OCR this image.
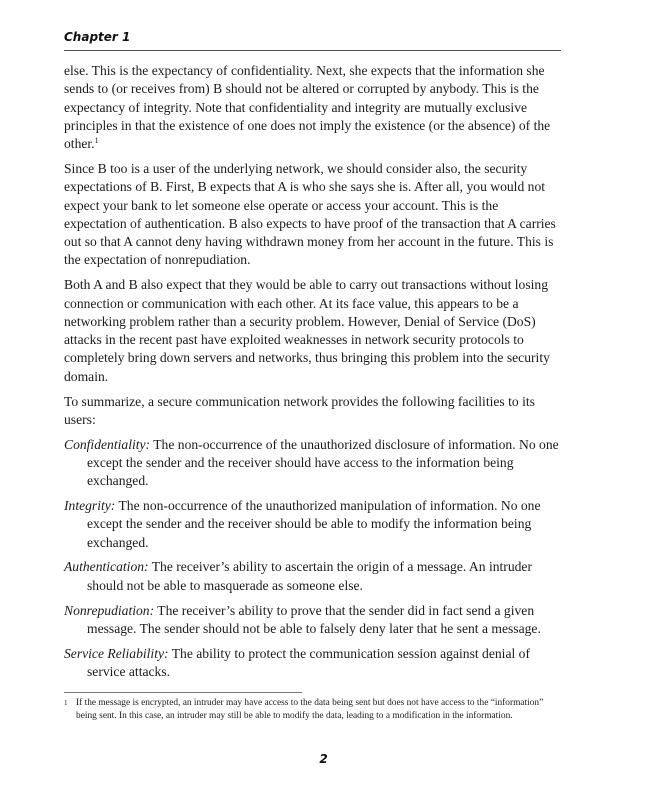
Chapter 1

else. This is the expectancy of confidentiality. Next, she expects that the information she sends to (or receives from) B should not be altered or corrupted by anybody. This is the expectancy of integrity. Note that confidentiality and integrity are mutually exclusive principles in that the existence of one does not imply the existence (or the absence) of the other.$^1$

Since B too is a user of the underlying network, we should consider also, the security expectations of B. First, B expects that A is who she says she is. After all, you would not expect your bank to let someone else operate or access your account. This is the expectation of authentication. B also expects to have proof of the transaction that A carries out so that A cannot deny having withdrawn money from her account in the future. This is the expectation of nonrepudiation.

Both A and B also expect that they would be able to carry out transactions without losing connection or communication with each other. At its face value, this appears to be a networking problem rather than a security problem. However, Denial of Service (DoS) attacks in the recent past have exploited weaknesses in network security protocols to completely bring down servers and networks, thus bringing this problem into the security domain.

To summarize, a secure communication network provides the following facilities to its users:

Confidentiality: The non-occurrence of the unauthorized disclosure of information. No one except the sender and the receiver should have access to the information being exchanged.

Integrity: The non-occurrence of the unauthorized manipulation of information. No one except the sender and the receiver should be able to modify the information being exchanged.

Authentication: The receiver’s ability to ascertain the origin of a message. An intruder should not be able to masquerade as someone else.

Nonrepudiation: The receiver’s ability to prove that the sender did in fact send a given message. The sender should not be able to falsely deny later that he sent a message.

Service Reliability: The ability to protect the communication session against denial of service attacks.

1 If the message is encrypted, an intruder may have access to the data being sent but does not have access to the “information” being sent. In this case, an intruder may still be able to modify the data, leading to a modification in the information.
2
